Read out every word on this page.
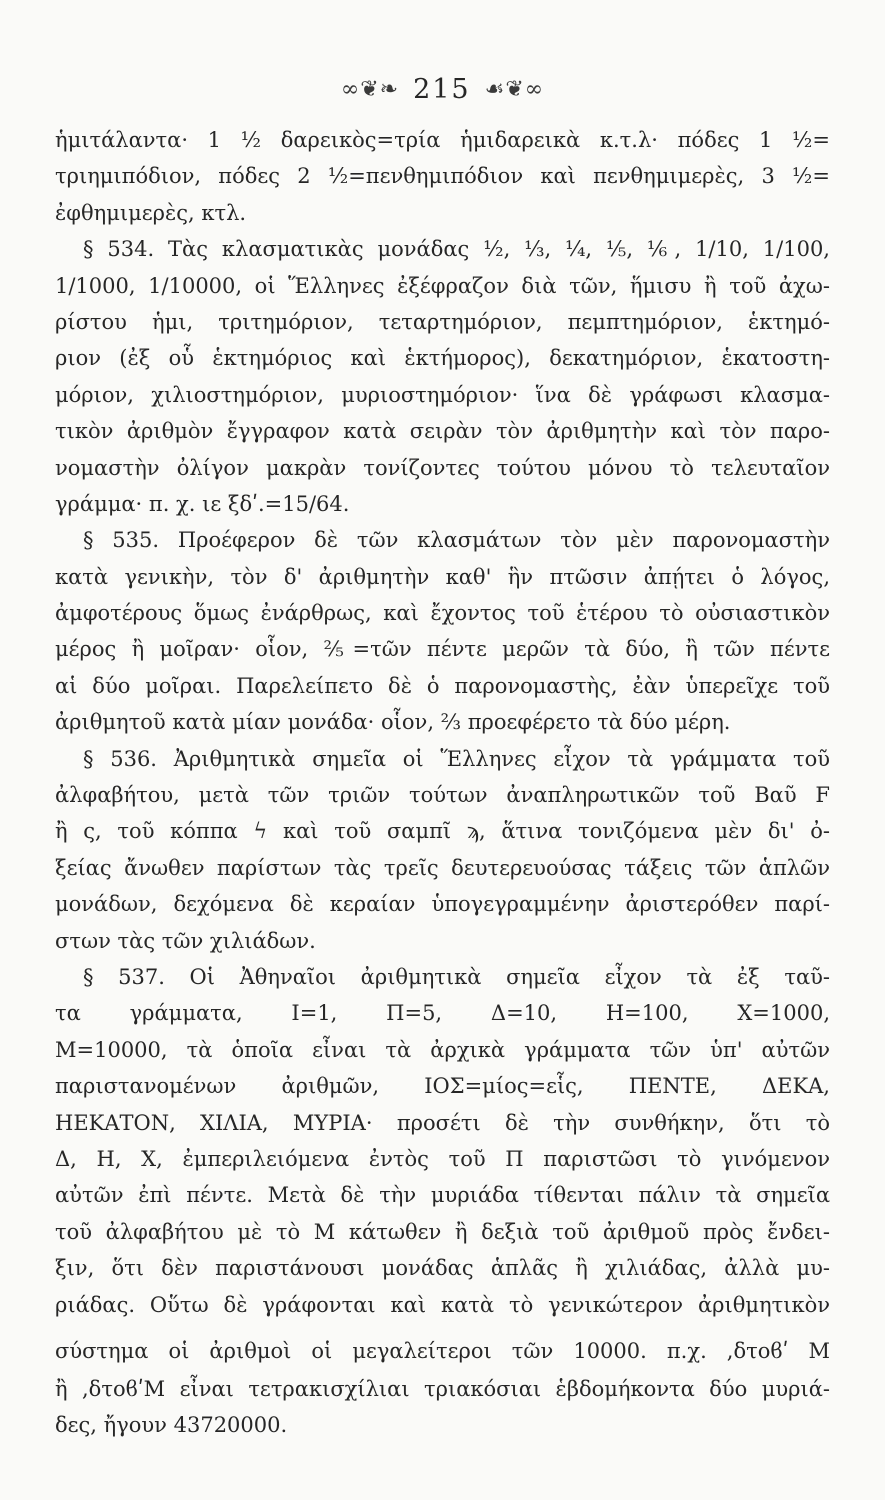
∞❦❧ 215 ☙❦∞
ἡμιτάλαντα· 1 ½ δαρεικὸς=τρία ἡμιδαρεικὰ κ.τ.λ· πόδες 1 ½=
τριημιπόδιον, πόδες 2 ½=πενθημιπόδιον καὶ πενθημιμερὲς, 3 ½=
ἐφθημιμερὲς, κτλ.
§ 534. Τὰς κλασματικὰς μονάδας ½, ⅓, ¼, ⅕, ⅙, 1/10, 1/100,
1/1000, 1/10000, οἱ Ἕλληνες ἐξέφραζον διὰ τῶν, ἥμισυ ἢ τοῦ ἀχω-
ρίστου ἡμι, τριτημόριον, τεταρτημόριον, πεμπτημόριον, ἑκτημό-
ριον (ἐξ οὗ ἑκτημόριος καὶ ἑκτήμορος), δεκατημόριον, ἑκατοστη-
μόριον, χιλιοστημόριον, μυριοστημόριον· ἵνα δὲ γράφωσι κλασμα-
τικὸν ἀριθμὸν ἔγγραφον κατὰ σειρὰν τὸν ἀριθμητὴν καὶ τὸν παρο-
νομαστὴν ὀλίγον μακρὰν τονίζοντες τούτου μόνου τὸ τελευταῖον
γράμμα· π. χ. ιε ξδʹ.=15/64.
§ 535. Προέφερον δὲ τῶν κλασμάτων τὸν μὲν παρονομαστὴν
κατὰ γενικὴν, τὸν δ' ἀριθμητὴν καθ' ἣν πτῶσιν ἀπῄτει ὁ λόγος,
ἀμφοτέρους ὅμως ἐνάρθρως, καὶ ἔχοντος τοῦ ἑτέρου τὸ οὐσιαστικὸν
μέρος ἢ μοῖραν· οἷον, ⅖=τῶν πέντε μερῶν τὰ δύο, ἢ τῶν πέντε
αἱ δύο μοῖραι. Παρελείπετο δὲ ὁ παρονομαστὴς, ἐὰν ὑπερεῖχε τοῦ
ἀριθμητοῦ κατὰ μίαν μονάδα· οἷον, ⅔ προεφέρετο τὰ δύο μέρη.
§ 536. Ἀριθμητικὰ σημεῖα οἱ Ἕλληνες εἶχον τὰ γράμματα τοῦ
ἀλφαβήτου, μετὰ τῶν τριῶν τούτων ἀναπληρωτικῶν τοῦ Βαῦ F
ἢ ς, τοῦ κόππα ϟ καὶ τοῦ σαμπῖ ϡ, ἅτινα τονιζόμενα μὲν δι' ὀ-
ξείας ἄνωθεν παρίστων τὰς τρεῖς δευτερευούσας τάξεις τῶν ἁπλῶν
μονάδων, δεχόμενα δὲ κεραίαν ὑπογεγραμμένην ἀριστερόθεν παρί-
στων τὰς τῶν χιλιάδων.
§ 537. Οἱ Ἀθηναῖοι ἀριθμητικὰ σημεῖα εἶχον τὰ ἐξ ταῦ-
τα γράμματα, Ι=1, Π=5, Δ=10, Η=100, Χ=1000,
Μ=10000, τὰ ὁποῖα εἶναι τὰ ἀρχικὰ γράμματα τῶν ὑπ' αὐτῶν
παριστανομένων ἀριθμῶν, ΙΟΣ=μίος=εἷς, ΠΕΝΤΕ, ΔΕΚΑ,
ΗΕΚΑΤΟΝ, ΧΙΛΙΑ, ΜΥΡΙΑ· προσέτι δὲ τὴν συνθήκην, ὅτι τὸ
Δ, Η, Χ, ἐμπεριλειόμενα ἐντὸς τοῦ Π παριστῶσι τὸ γινόμενον
αὐτῶν ἐπὶ πέντε. Μετὰ δὲ τὴν μυριάδα τίθενται πάλιν τὰ σημεῖα
τοῦ ἀλφαβήτου μὲ τὸ Μ κάτωθεν ἢ δεξιὰ τοῦ ἀριθμοῦ πρὸς ἔνδει-
ξιν, ὅτι δὲν παριστάνουσι μονάδας ἁπλᾶς ἢ χιλιάδας, ἀλλὰ μυ-
ριάδας. Οὕτω δὲ γράφονται καὶ κατὰ τὸ γενικώτερον ἀριθμητικὸν
σύστημα οἱ ἀριθμοὶ οἱ μεγαλείτεροι τῶν 10000. π.χ. ,δτοϐʹ Μ
ἢ ,δτοϐʹΜ εἶναι τετρακισχίλιαι τριακόσιαι ἑβδομήκοντα δύο μυριά-
δες, ἤγουν 43720000.
